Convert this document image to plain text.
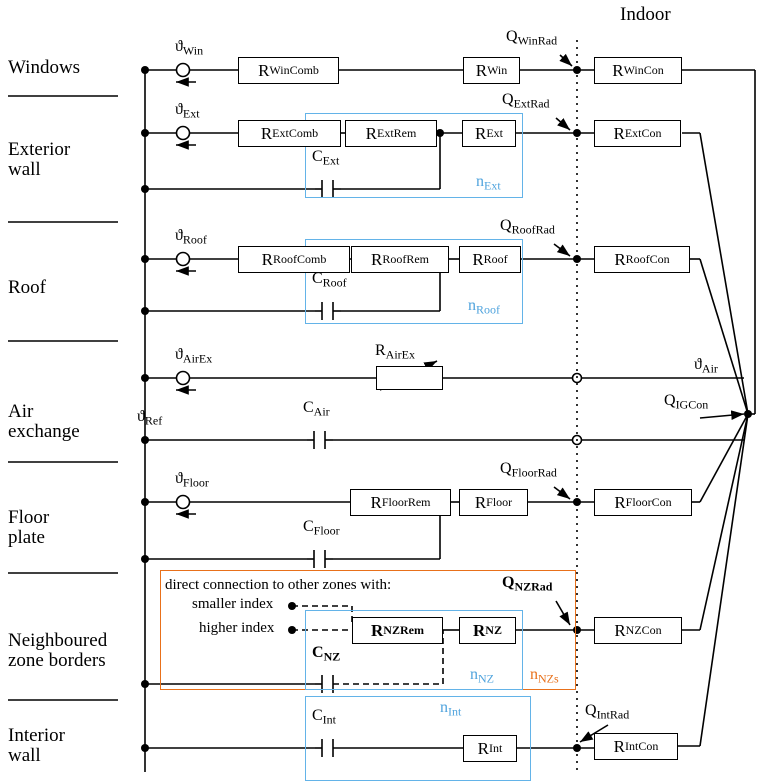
Indoor
Windows
Exterior
wall
Roof
Air
exchange
Floor
plate
Neighboured
zone borders
Interior
wall
R WinComb	R Win	R WinCon
R ExtComb	R ExtRem	R Ext	R ExtCon
R RoofComb	R RoofRem	R Roof	R RoofCon
R FloorRem	R Floor	R FloorCon
R NZRem	R NZ	R NZCon
R Int	R IntCon
$C_{Ext}$
$C_{Roof}$
$C_{Air}$
$C_{Floor}$
$C_{NZ}$
$C_{Int}$
$ϑ_{Win}$
$ϑ_{Ext}$
$ϑ_{Roof}$
$ϑ_{AirEx}$
$ϑ_{Ref}$
$ϑ_{Floor}$
$ϑ_{Air}$
$Q_{WinRad}$
$Q_{ExtRad}$
$Q_{RoofRad}$
$Q_{IGCon}$
$Q_{FloorRad}$
$Q_{NZRad}$
$Q_{IntRad}$
$n_{Ext}$
$n_{Roof}$
$n_{NZ}$ $n_{NZs}$
$n_{Int}$
direct connection to other zones with:
smaller index
higher index
$R_{AirEx}$
